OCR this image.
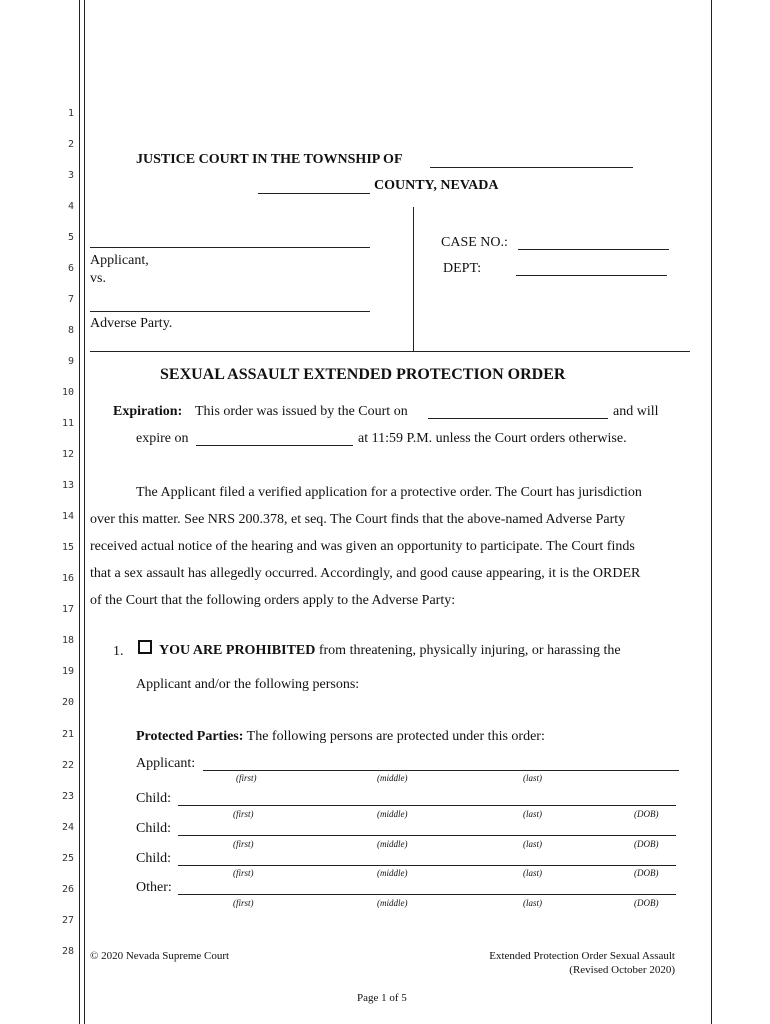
1
2
3
4
5
6
7
8
9
10
11
12
13
14
15
16
17
18
19
20
21
22
23
24
25
26
27
28
JUSTICE COURT IN THE TOWNSHIP OF
COUNTY, NEVADA
Applicant,
vs.
Adverse Party.
CASE NO.:
DEPT:
SEXUAL ASSAULT EXTENDED PROTECTION ORDER
Expiration: This order was issued by the Court on	and will
expire on	at 11:59 P.M. unless the Court orders otherwise.
The Applicant filed a verified application for a protective order. The Court has jurisdiction
over this matter. See NRS 200.378, et seq. The Court finds that the above-named Adverse Party
received actual notice of the hearing and was given an opportunity to participate. The Court finds
that a sex assault has allegedly occurred. Accordingly, and good cause appearing, it is the ORDER
of the Court that the following orders apply to the Adverse Party:
1.	YOU ARE PROHIBITED from threatening, physically injuring, or harassing the
Applicant and/or the following persons:
Protected Parties: The following persons are protected under this order:
Applicant:
(first)	(middle)	(last)
Child:
(first)	(middle)	(last)	(DOB)
Child:
(first)	(middle)	(last)	(DOB)
Child:
(first)	(middle)	(last)	(DOB)
Other:
(first)	(middle)	(last)	(DOB)
© 2020 Nevada Supreme Court	Extended Protection Order Sexual Assault
(Revised October 2020)
Page 1 of 5
